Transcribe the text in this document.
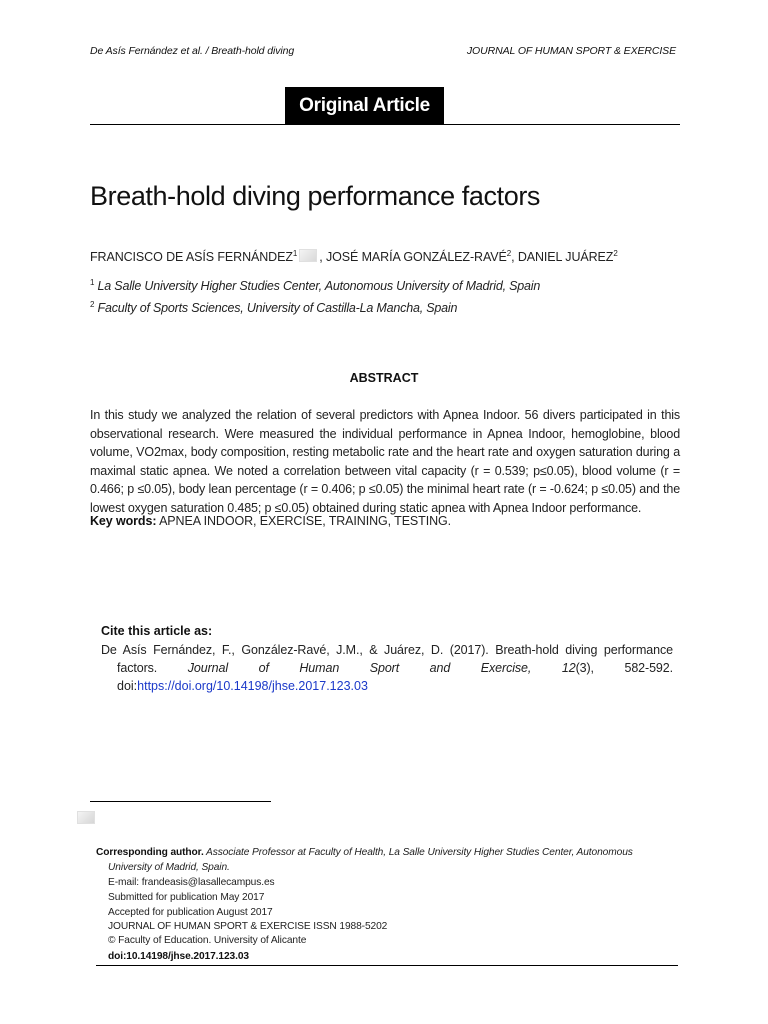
De Asís Fernández et al. / Breath-hold diving	JOURNAL OF HUMAN SPORT & EXERCISE
Original Article
Breath-hold diving performance factors
FRANCISCO DE ASÍS FERNÁNDEZ$^1$ , JOSÉ MARÍA GONZÁLEZ-RAVÉ$^2$, DANIEL JUÁREZ$^2$
$^1$ La Salle University Higher Studies Center, Autonomous University of Madrid, Spain
$^2$ Faculty of Sports Sciences, University of Castilla-La Mancha, Spain
ABSTRACT
In this study we analyzed the relation of several predictors with Apnea Indoor. 56 divers participated in this observational research. Were measured the individual performance in Apnea Indoor, hemoglobine, blood volume, VO2max, body composition, resting metabolic rate and the heart rate and oxygen saturation during a maximal static apnea. We noted a correlation between vital capacity (r = 0.539; p≤0.05), blood volume (r = 0.466; p ≤0.05), body lean percentage (r = 0.406; p ≤0.05) the minimal heart rate (r = -0.624; p ≤0.05) and the lowest oxygen saturation 0.485; p ≤0.05) obtained during static apnea with Apnea Indoor performance.
Key words: APNEA INDOOR, EXERCISE, TRAINING, TESTING.
Cite this article as:
De Asís Fernández, F., González-Ravé, J.M., & Juárez, D. (2017). Breath-hold diving performance
factors. Journal of Human Sport and Exercise, 12(3), 582-592.
doi:https://doi.org/10.14198/jhse.2017.123.03
Corresponding author. Associate Professor at Faculty of Health, La Salle University Higher Studies Center, Autonomous
University of Madrid, Spain.
E-mail: frandeasis@lasallecampus.es
Submitted for publication May 2017
Accepted for publication August 2017
JOURNAL OF HUMAN SPORT & EXERCISE ISSN 1988-5202
© Faculty of Education. University of Alicante
doi:10.14198/jhse.2017.123.03
